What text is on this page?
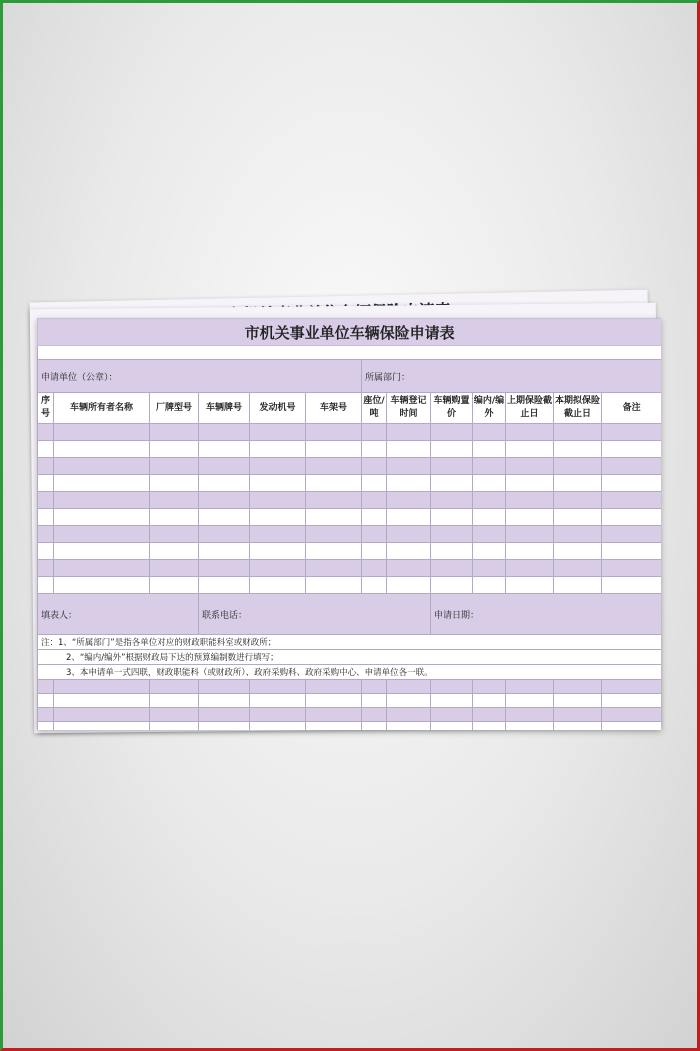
市机关事业单位车辆保险申请表												

申请单位（公章）：						所属部门：						
序号	车辆所有者名称	厂牌型号	车辆牌号	发动机号	车架号	座位/吨	车辆登记时间	车辆购置价	编内/编外	上期保险截止日	本期拟保险截止日	备注

填表人：			联系电话：					申请日期：				
注：1、“所属部门”是指各单位对应的财政职能科室或财政所；												
2、“编内/编外”根据财政局下达的预算编制数进行填写；												
3、本申请单一式四联，财政职能科（或财政所）、政府采购科、政府采购中心、申请单位各一联。												
